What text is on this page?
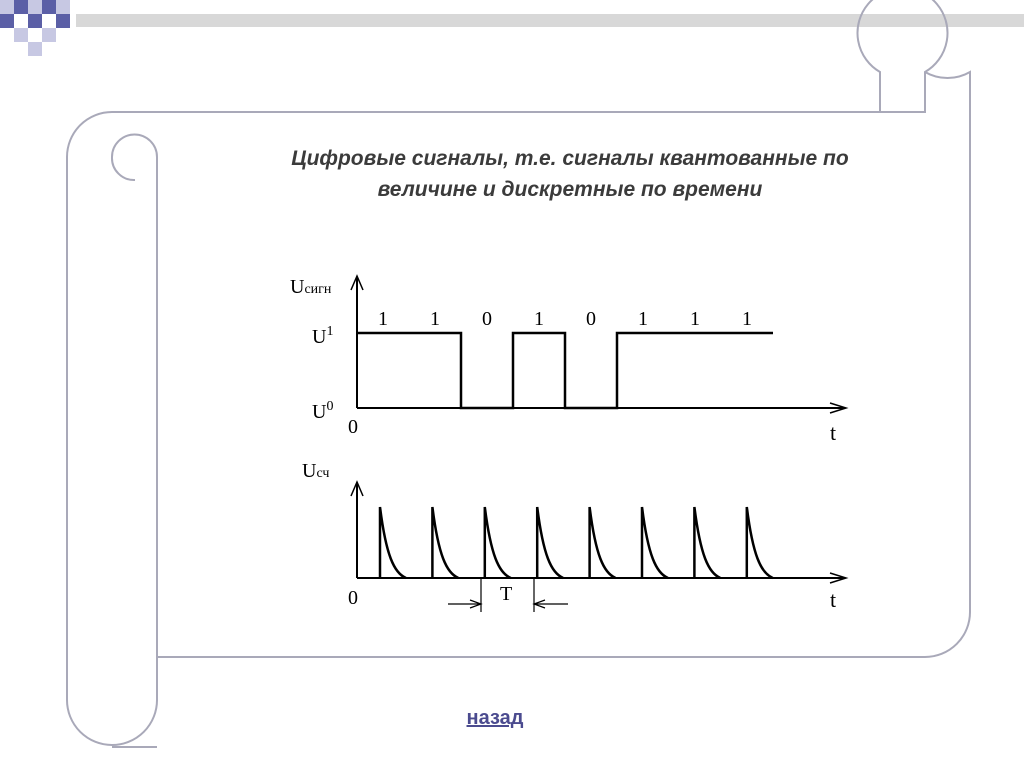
1 1 0 1 0 1 1 1
Uсигн
$U^1$
$U^0$
0	t
Uсч
0	t
T
Цифровые сигналы, т.е. сигналы квантованные по
величине и дискретные по времени
назад
